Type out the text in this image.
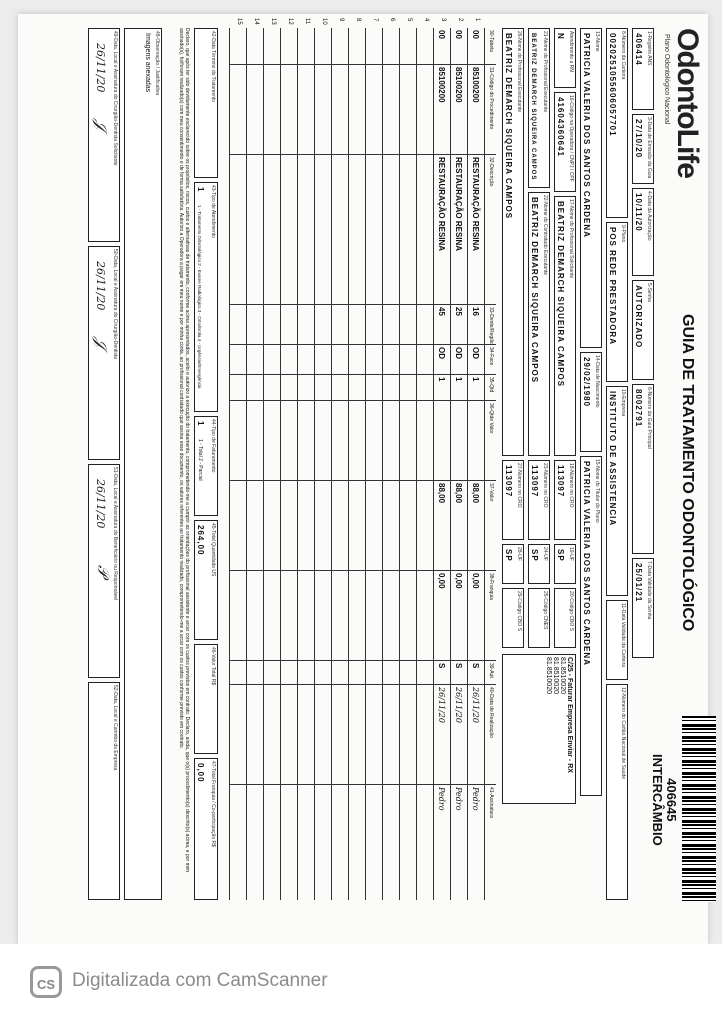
OdontoLife
Plano Odontológico Nacional
GUIA DE TRATAMENTO ODONTOLÓGICO
406645
INTERCÂMBIO
1-Registro ANS
406414
3-Data de Emissão da Guia
27/10/20
4-Data da Autorização
10/11/20
5-Senha
AUTORIZADO
6-Número da Guia Principal
8002791
7-Data Validade da Senha
25/01/21
8-Número da Carteira
0020251055606057701
9-Plano
POS REDE PRESTADORA
10-Empresa
INSTITUTO DE ASSISTENCIA
11-Data Validade da Carteira
12-Número do Cartão Nacional de Saúde
13-Nome
PATRICIA VALERIA DOS SANTOS CARDENA
14-Data de Nascimento
29/02/1980
15-Nome do Titular do Plano
PATRICIA VALERIA DOS SANTOS CARDENA
Atendimento a RN
N
16-Código na Operadora / CNPJ / CPF
41604360641
17-Nome do Profissional Solicitante
BEATRIZ DEMARCH SIQUEIRA CAMPOS
18-Número no CRO
113097
19-UF
SP
20-Código CBO S
21-Nome do Profissional Executante
BEATRIZ DEMARCH SIQUEIRA CAMPOS
22-Nome do Contratado Executante
BEATRIZ DEMARCH SIQUEIRA CAMPOS
23-Número no CRO
113097
24-UF
SP
25-Código CNES
26-Nome do Profissional Executante
BEATRIZ DEMARCH SIQUEIRA CAMPOS
27-Número no CRO
113097
28-UF
SP
29-Código CBO S
C/25 - Faturar Empresa Enviar - RX
81.8510020
81.8510020
81.8510020
30-Tabela
31-Código do Procedimento
32-Descrição
33-Dente/Região
34-Face
35-Qtd
36-Qtde Valor
37-Valor
38-Franquia
39-Aut.
40-Data de Realização
41-Assinatura
1
00
85100200
RESTAURAÇÃO RESINA
16
OD
1
88,00
0,00
S
26/11/20
Pedro
2
00
85100200
RESTAURAÇÃO RESINA
25
OD
1
88,00
0,00
S
26/11/20
Pedro
3
00
85100200
RESTAURAÇÃO RESINA
45
OD
1
88,00
0,00
S
26/11/20
Pedro
4
5
6
7
8
9
10
11
12
13
14
15
42-Data Término do Tratamento
43-Tipo de Atendimento
1
1 - Tratamento Odontológico 2 - Exame Radiológico 3 - Ortodontia 4 - Urgência/Emergência
44-Tipo de Faturamento
1
1 - Total 2 - Parcial
45-Total Quantidade US
264,00
46-Valor Total R$
47-Total Franquia / Co-participação R$
0,00
Declaro, que após ter sido devidamente esclarecido sobre os propósitos, riscos, custos e alternativas de tratamento, conforme acima apresentados, aceito e autorizo a execução do tratamento, comprometendo-me a cumprir as orientações do profissional assistente e arcar com os custos previstos em contrato. Declaro, ainda, que o(s) procedimento(s) descrito(s) acima, e por mim assinado(s), foi/foram realizado(s) com meu consentimento e de forma satisfatória. Autorizo a Operadora a pagar em meu nome e por minha conta, ao profissional contratado que assina esse documento, os valores referentes ao tratamento realizado, comprometendo-me a arcar com os custos conforme previsto em contrato.
48-Observação / Justificativa
Imagens anexadas
49-Data, Local e Assinatura do Cirurgião-Dentista Solicitante
26/11/20
𝒥
50-Data, Local e Assinatura do Cirurgião-Dentista
26/11/20
𝒥
51-Data, Local e Assinatura do Beneficiário ou Responsável
26/11/20
𝒫
52-Data, Local e Carimbo da Empresa
CS Digitalizada com CamScanner
